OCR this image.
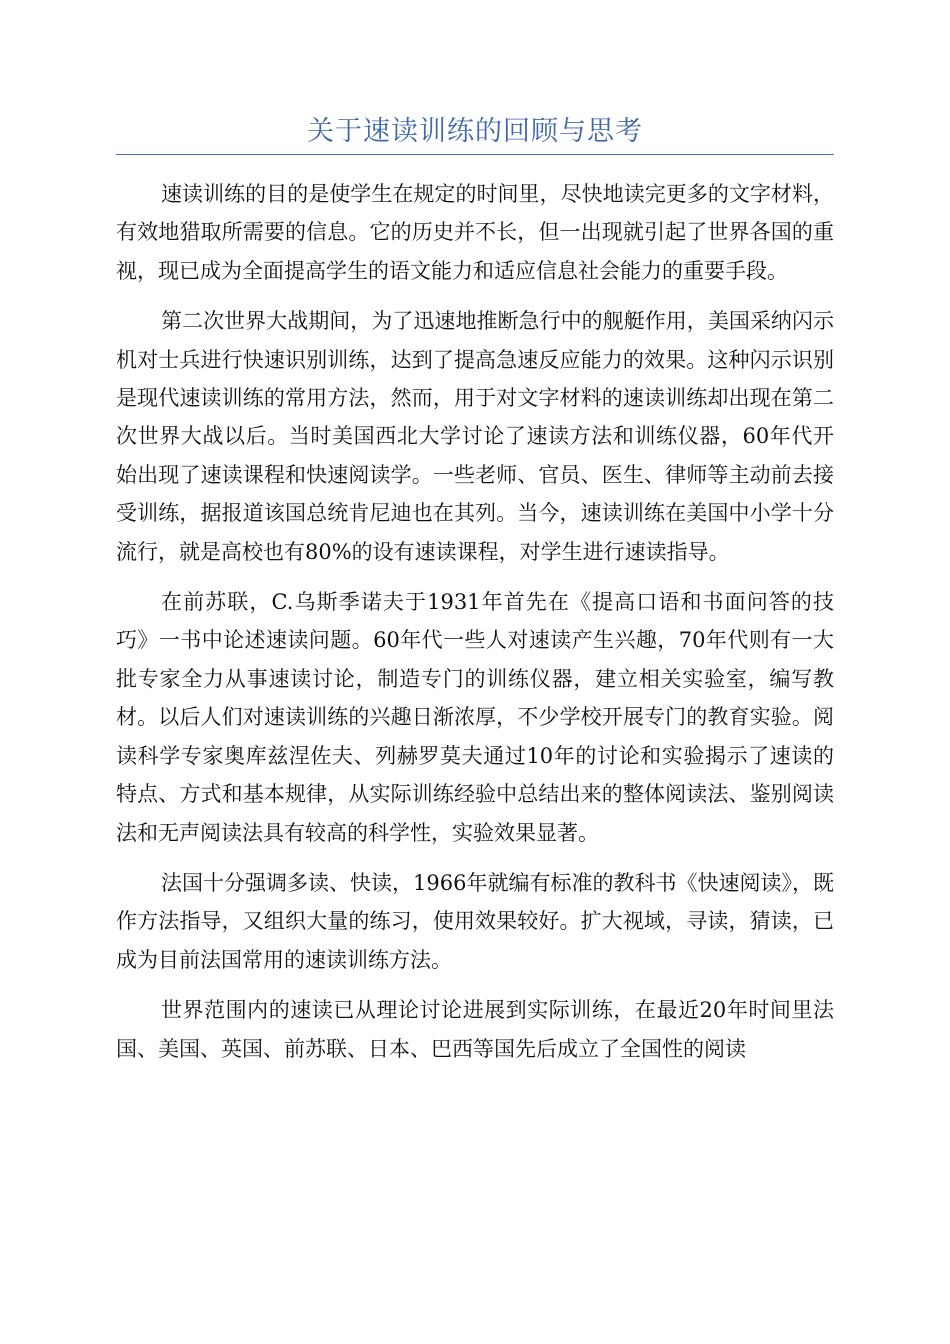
关于速读训练的回顾与思考

速读训练的目的是使学生在规定的时间里，尽快地读完更多的文字材料，有效地猎取所需要的信息。它的历史并不长，但一出现就引起了世界各国的重视，现已成为全面提高学生的语文能力和适应信息社会能力的重要手段。

第二次世界大战期间，为了迅速地推断急行中的舰艇作用，美国采纳闪示机对士兵进行快速识别训练，达到了提高急速反应能力的效果。这种闪示识别是现代速读训练的常用方法，然而，用于对文字材料的速读训练却出现在第二次世界大战以后。当时美国西北大学讨论了速读方法和训练仪器，60年代开始出现了速读课程和快速阅读学。一些老师、官员、医生、律师等主动前去接受训练，据报道该国总统肯尼迪也在其列。当今，速读训练在美国中小学十分流行，就是高校也有80%的设有速读课程，对学生进行速读指导。

在前苏联，C.乌斯季诺夫于1931年首先在《提高口语和书面问答的技巧》一书中论述速读问题。60年代一些人对速读产生兴趣，70年代则有一大批专家全力从事速读讨论，制造专门的训练仪器，建立相关实验室，编写教材。以后人们对速读训练的兴趣日渐浓厚，不少学校开展专门的教育实验。阅读科学专家奥库兹涅佐夫、列赫罗莫夫通过10年的讨论和实验揭示了速读的特点、方式和基本规律，从实际训练经验中总结出来的整体阅读法、鉴别阅读法和无声阅读法具有较高的科学性，实验效果显著。

法国十分强调多读、快读，1966年就编有标准的教科书《快速阅读》，既作方法指导，又组织大量的练习，使用效果较好。扩大视域，寻读，猜读，已成为目前法国常用的速读训练方法。

世界范围内的速读已从理论讨论进展到实际训练，在最近20年时间里法国、美国、英国、前苏联、日本、巴西等国先后成立了全国性的阅读
